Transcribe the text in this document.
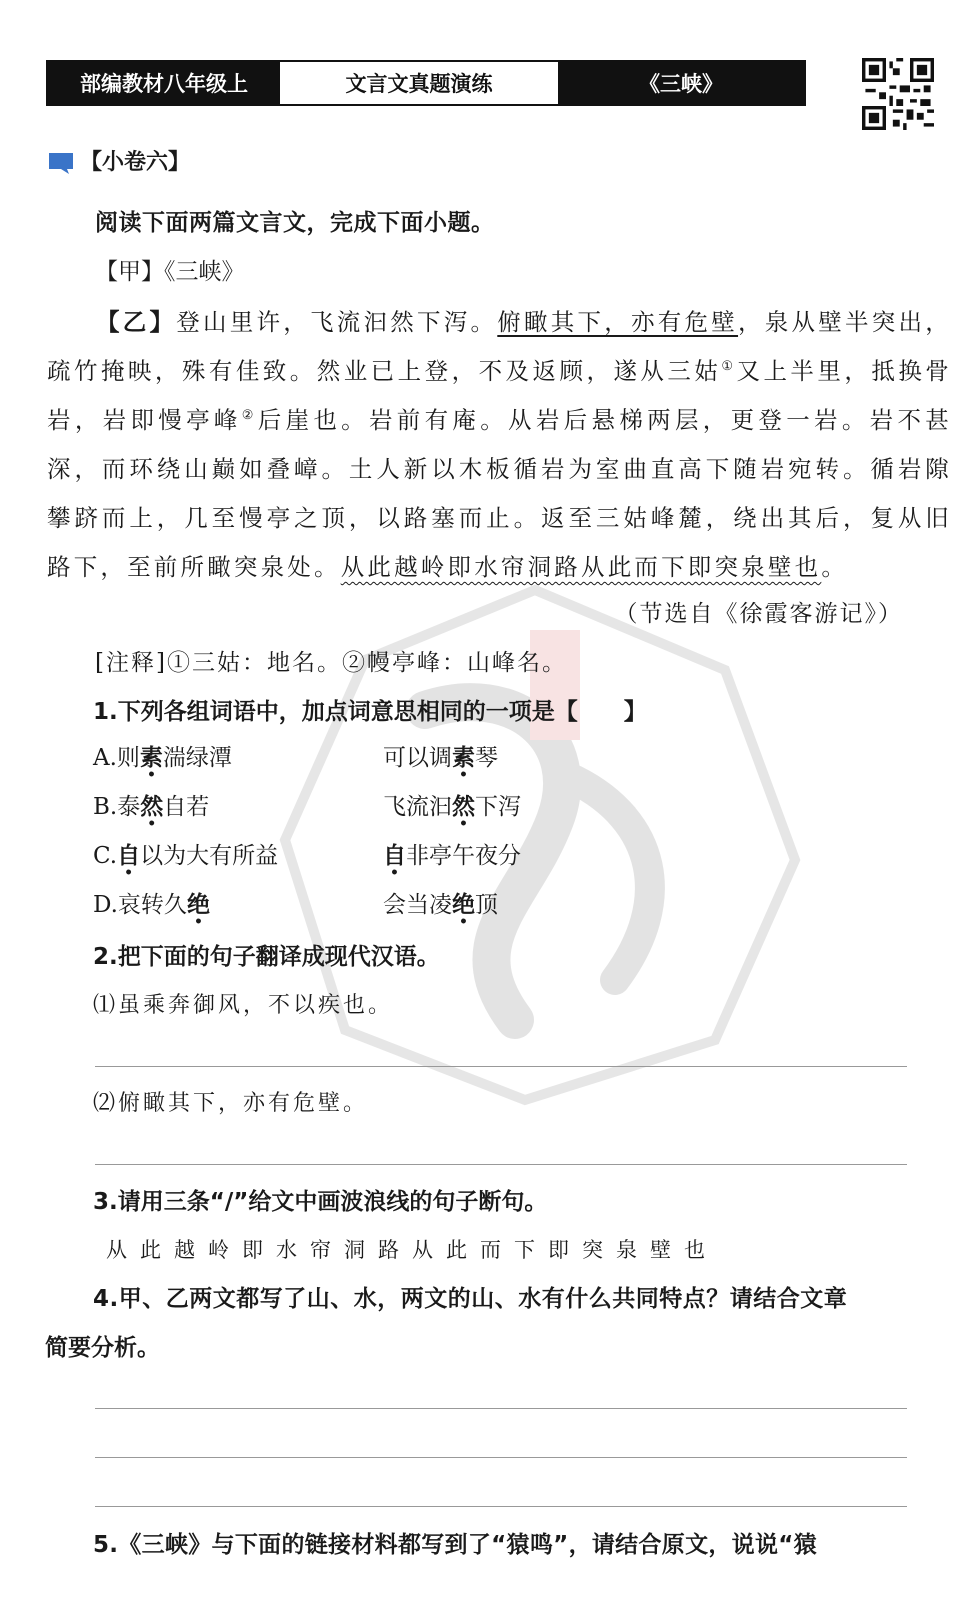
部编教材八年级上	文言文真题演练	《三峡》
【小卷六】
阅读下面两篇文言文，完成下面小题。
【甲】《三峡》
【乙】登山里许，飞流汩然下泻。俯瞰其下，亦有危壁，泉从壁半突出，疏竹掩映，殊有佳致。然业已上登，不及返顾，遂从三姑①又上半里，抵换骨岩，岩即慢亭峰②后崖也。岩前有庵。从岩后悬梯两层，更登一岩。岩不甚深，而环绕山巅如叠嶂。土人新以木板循岩为室曲直高下随岩宛转。循岩隙攀跻而上，几至慢亭之顶，以路塞而止。返至三姑峰麓，绕出其后，复从旧路下，至前所瞰突泉处。从此越岭即水帘洞路从此而下即突泉壁也。
（节选自《徐霞客游记》）
[注释]①三姑：地名。②幔亭峰：山峰名。
1.下列各组词语中，加点词意思相同的一项是【　　】
A.则素湍绿潭	可以调素琴
B.泰然自若	飞流汩然下泻
C.自以为大有所益	自非亭午夜分
D.哀转久绝	会当凌绝顶
2.把下面的句子翻译成现代汉语。
⑴虽乘奔御风，不以疾也。
⑵俯瞰其下，亦有危壁。
3.请用三条“/”给文中画波浪线的句子断句。
从此越岭即水帘洞路从此而下即突泉壁也
4.甲、乙两文都写了山、水，两文的山、水有什么共同特点？请结合文章
简要分析。
5.《三峡》与下面的链接材料都写到了“猿鸣”，请结合原文，说说“猿
